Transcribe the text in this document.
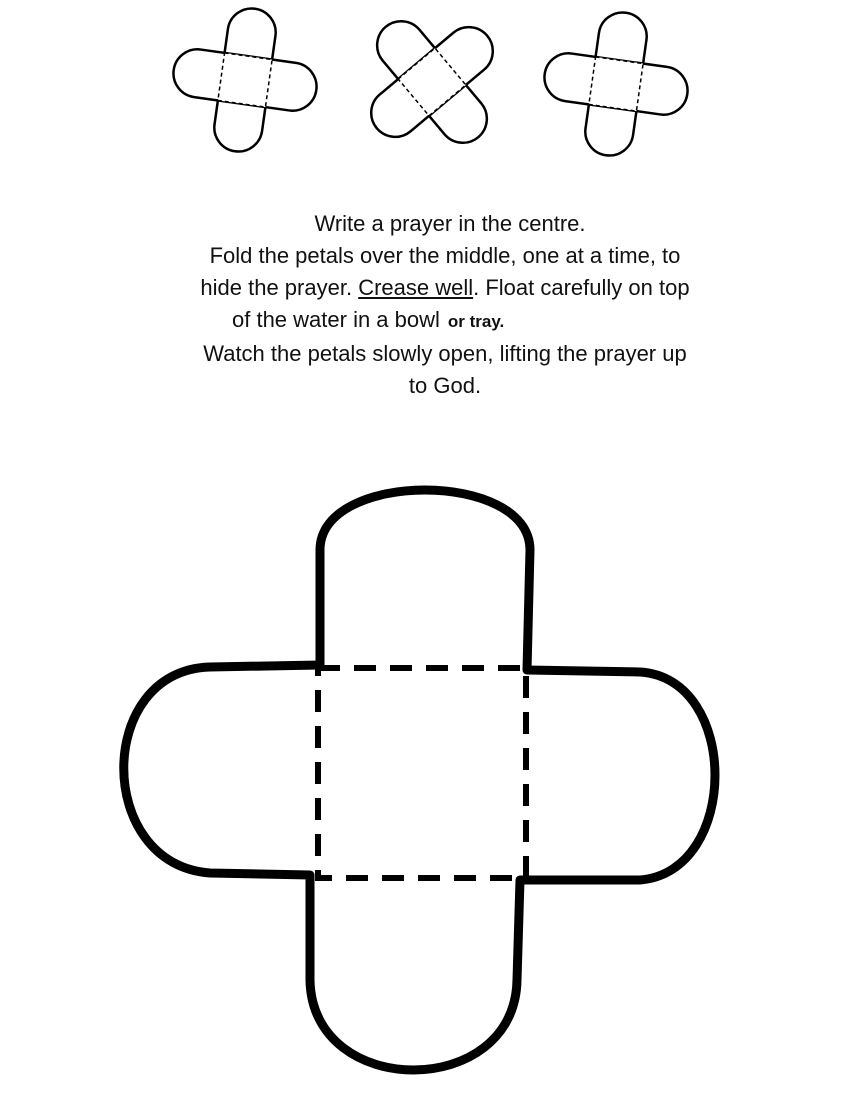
Write a prayer in the centre.
Fold the petals over the middle, one at a time, to
hide the prayer. Crease well. Float carefully on top
of the water in a bowl or tray.
Watch the petals slowly open, lifting the prayer up
to God.
